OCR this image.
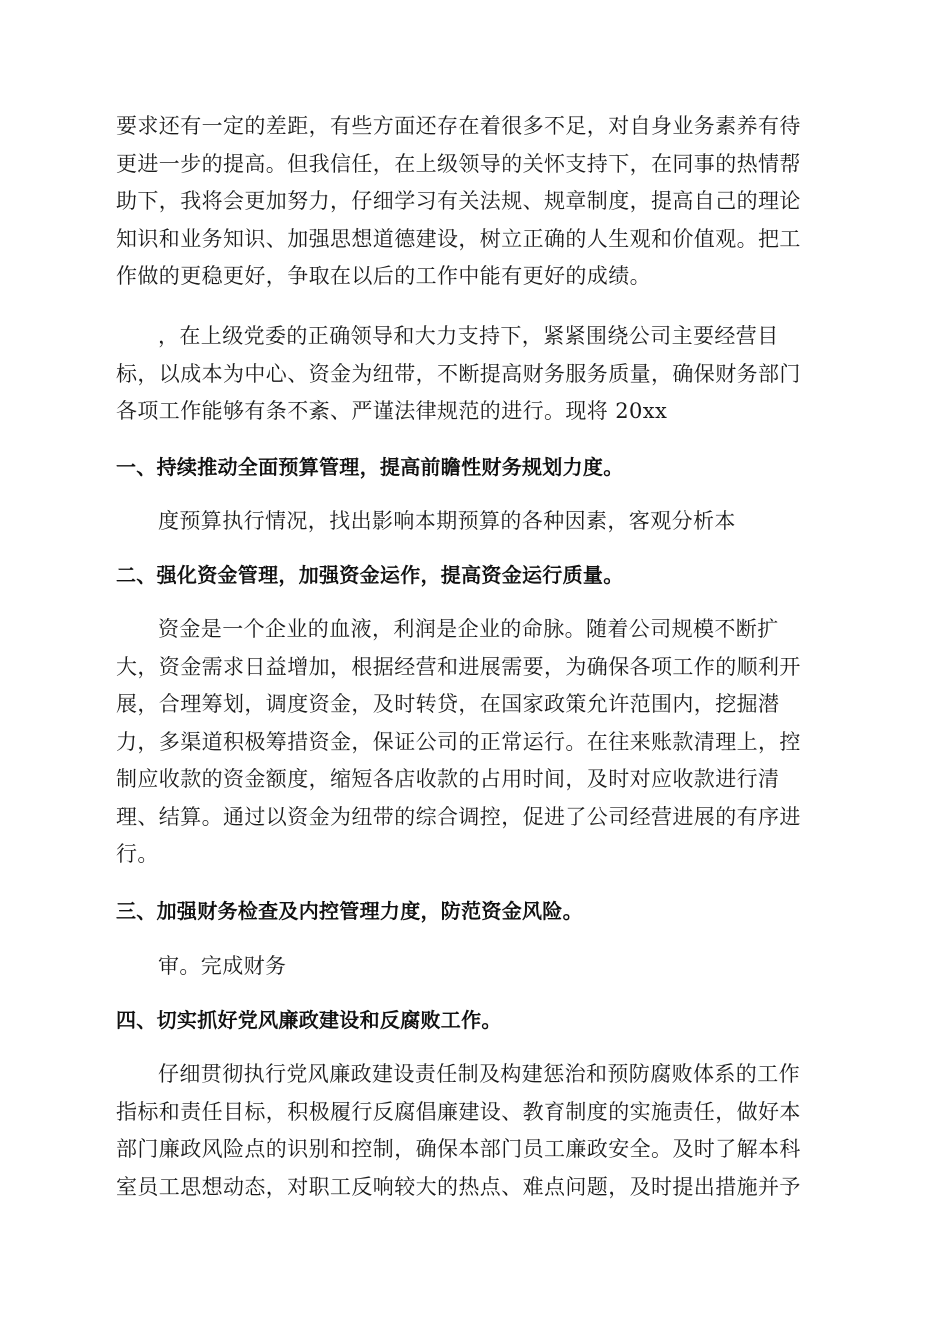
要求还有一定的差距，有些方面还存在着很多不足，对自身业务素养有待
更进一步的提高。但我信任，在上级领导的关怀支持下，在同事的热情帮
助下，我将会更加努力，仔细学习有关法规、规章制度，提高自己的理论
知识和业务知识、加强思想道德建设，树立正确的人生观和价值观。把工
作做的更稳更好，争取在以后的工作中能有更好的成绩。
，在上级党委的正确领导和大力支持下，紧紧围绕公司主要经营目
标，以成本为中心、资金为纽带，不断提高财务服务质量，确保财务部门
各项工作能够有条不紊、严谨法律规范的进行。现将 20xx
一、持续推动全面预算管理，提高前瞻性财务规划力度。
度预算执行情况，找出影响本期预算的各种因素，客观分析本
二、强化资金管理，加强资金运作，提高资金运行质量。
资金是一个企业的血液，利润是企业的命脉。随着公司规模不断扩
大，资金需求日益增加，根据经营和进展需要，为确保各项工作的顺利开
展，合理筹划，调度资金，及时转贷，在国家政策允许范围内，挖掘潜
力，多渠道积极筹措资金，保证公司的正常运行。在往来账款清理上，控
制应收款的资金额度，缩短各店收款的占用时间，及时对应收款进行清
理、结算。通过以资金为纽带的综合调控，促进了公司经营进展的有序进
行。
三、加强财务检查及内控管理力度，防范资金风险。
审。完成财务
四、切实抓好党风廉政建设和反腐败工作。
仔细贯彻执行党风廉政建设责任制及构建惩治和预防腐败体系的工作
指标和责任目标，积极履行反腐倡廉建设、教育制度的实施责任，做好本
部门廉政风险点的识别和控制，确保本部门员工廉政安全。及时了解本科
室员工思想动态，对职工反响较大的热点、难点问题，及时提出措施并予
